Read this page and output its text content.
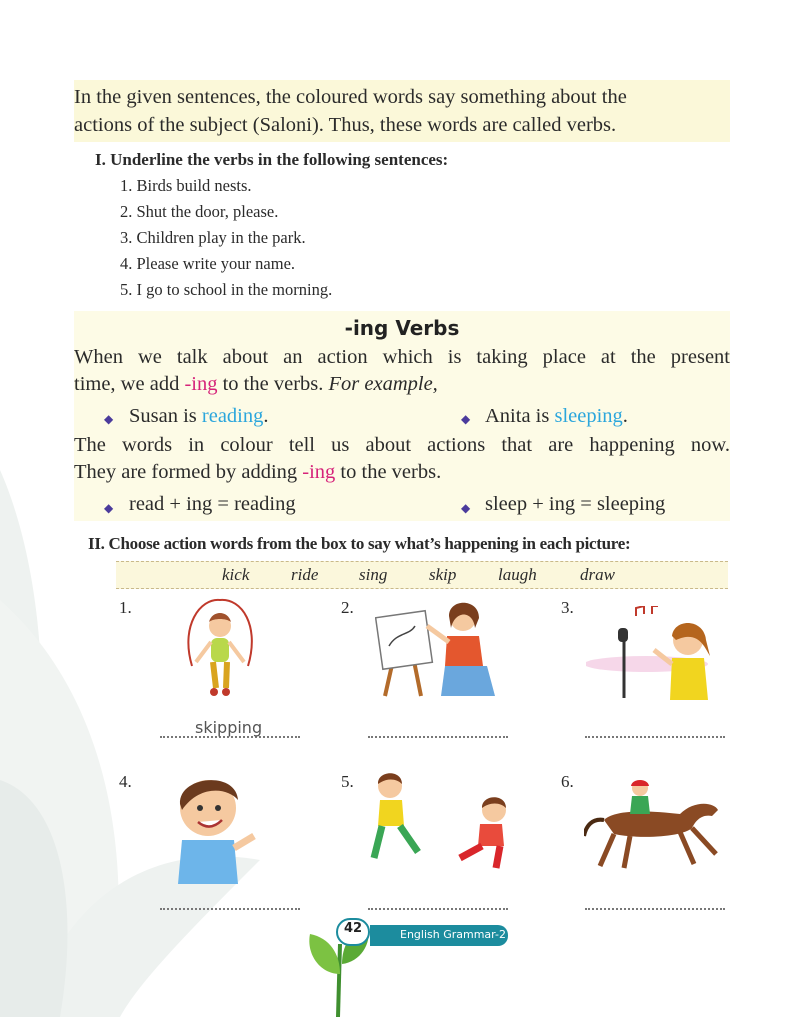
In the given sentences, the coloured words say something about the
actions of the subject (Saloni). Thus, these words are called verbs.
I. Underline the verbs in the following sentences:
1. Birds build nests.
2. Shut the door, please.
3. Children play in the park.
4. Please write your name.
5. I go to school in the morning.
-ing Verbs
When we talk about an action which is taking place at the present
time, we add -ing to the verbs. For example,
◆ Susan is reading.	◆ Anita is sleeping.
The words in colour tell us about actions that are happening now.
They are formed by adding -ing to the verbs.
◆ read + ing = reading	◆ sleep + ing = sleeping
II. Choose action words from the box to say what’s happening in each picture:
kick ride sing skip laugh	draw
1.	2.	3.
4.	5.	6.
skipping
English Grammar-2
42
